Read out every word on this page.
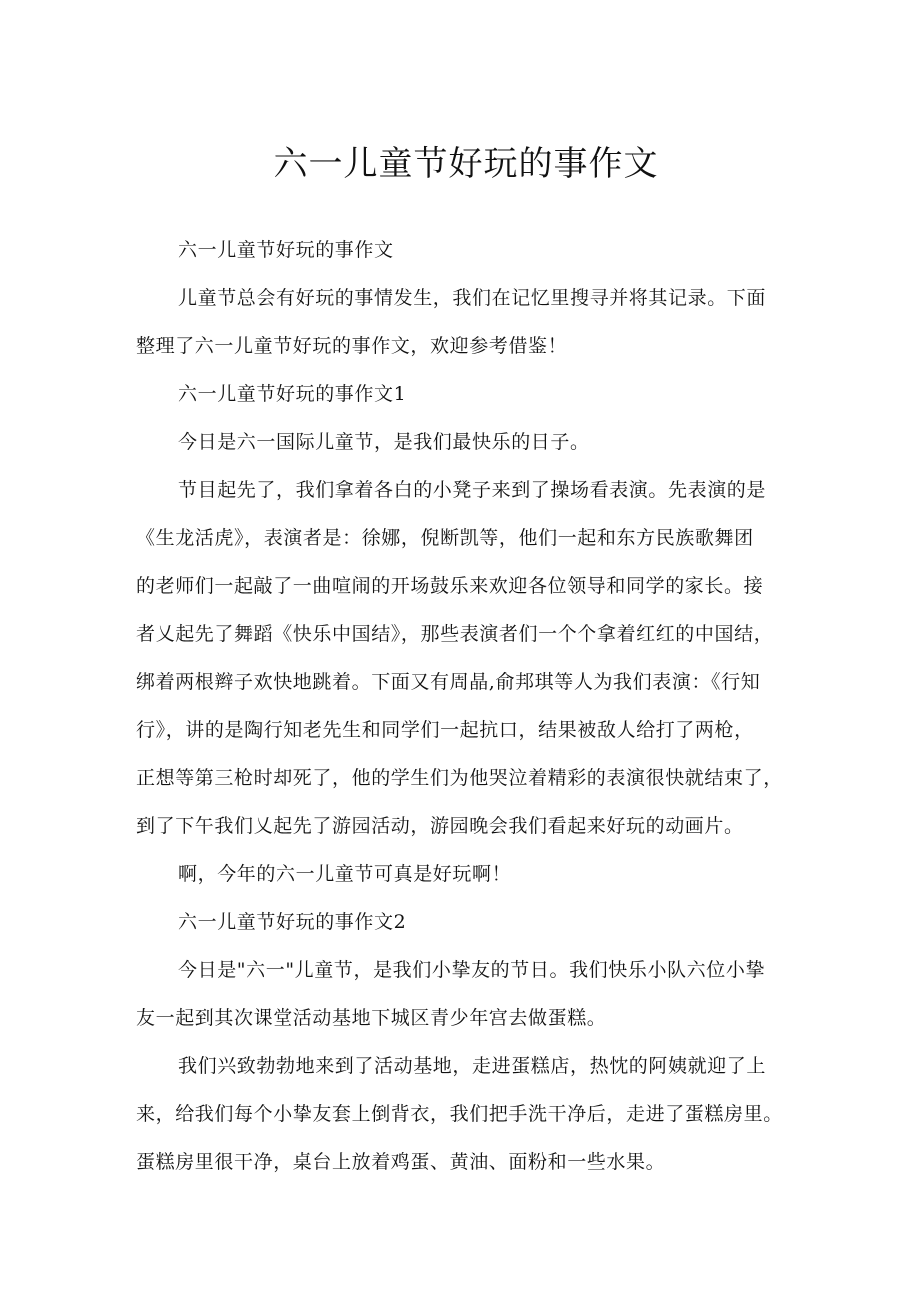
六一儿童节好玩的事作文

六一儿童节好玩的事作文

儿童节总会有好玩的事情发生，我们在记忆里搜寻并将其记录。下面
整理了六一儿童节好玩的事作文，欢迎参考借鉴！

六一儿童节好玩的事作文1

今日是六一国际儿童节，是我们最快乐的日子。

节目起先了，我们拿着各白的小凳子来到了操场看表演。先表演的是
《生龙活虎》，表演者是：徐娜，倪断凯等，他们一起和东方民族歌舞团
的老师们一起敲了一曲喧闹的开场鼓乐来欢迎各位领导和同学的家长。接
者乂起先了舞蹈《快乐中国结》，那些表演者们一个个拿着红红的中国结，
绑着两根辫子欢快地跳着。下面又有周晶,俞邦琪等人为我们表演：《行知
行》，讲的是陶行知老先生和同学们一起抗口，结果被敌人给打了两枪，
正想等第三枪时却死了，他的学生们为他哭泣着精彩的表演很快就结束了，
到了下午我们乂起先了游园活动，游园晚会我们看起来好玩的动画片。

啊，今年的六一儿童节可真是好玩啊！

六一儿童节好玩的事作文2

今日是"六一"儿童节，是我们小挚友的节日。我们快乐小队六位小挚
友一起到其次课堂活动基地下城区青少年宫去做蛋糕。

我们兴致勃勃地来到了活动基地，走进蛋糕店，热忱的阿姨就迎了上
来，给我们每个小挚友套上倒背衣，我们把手洗干净后，走进了蛋糕房里。
蛋糕房里很干净，桌台上放着鸡蛋、黄油、面粉和一些水果。
